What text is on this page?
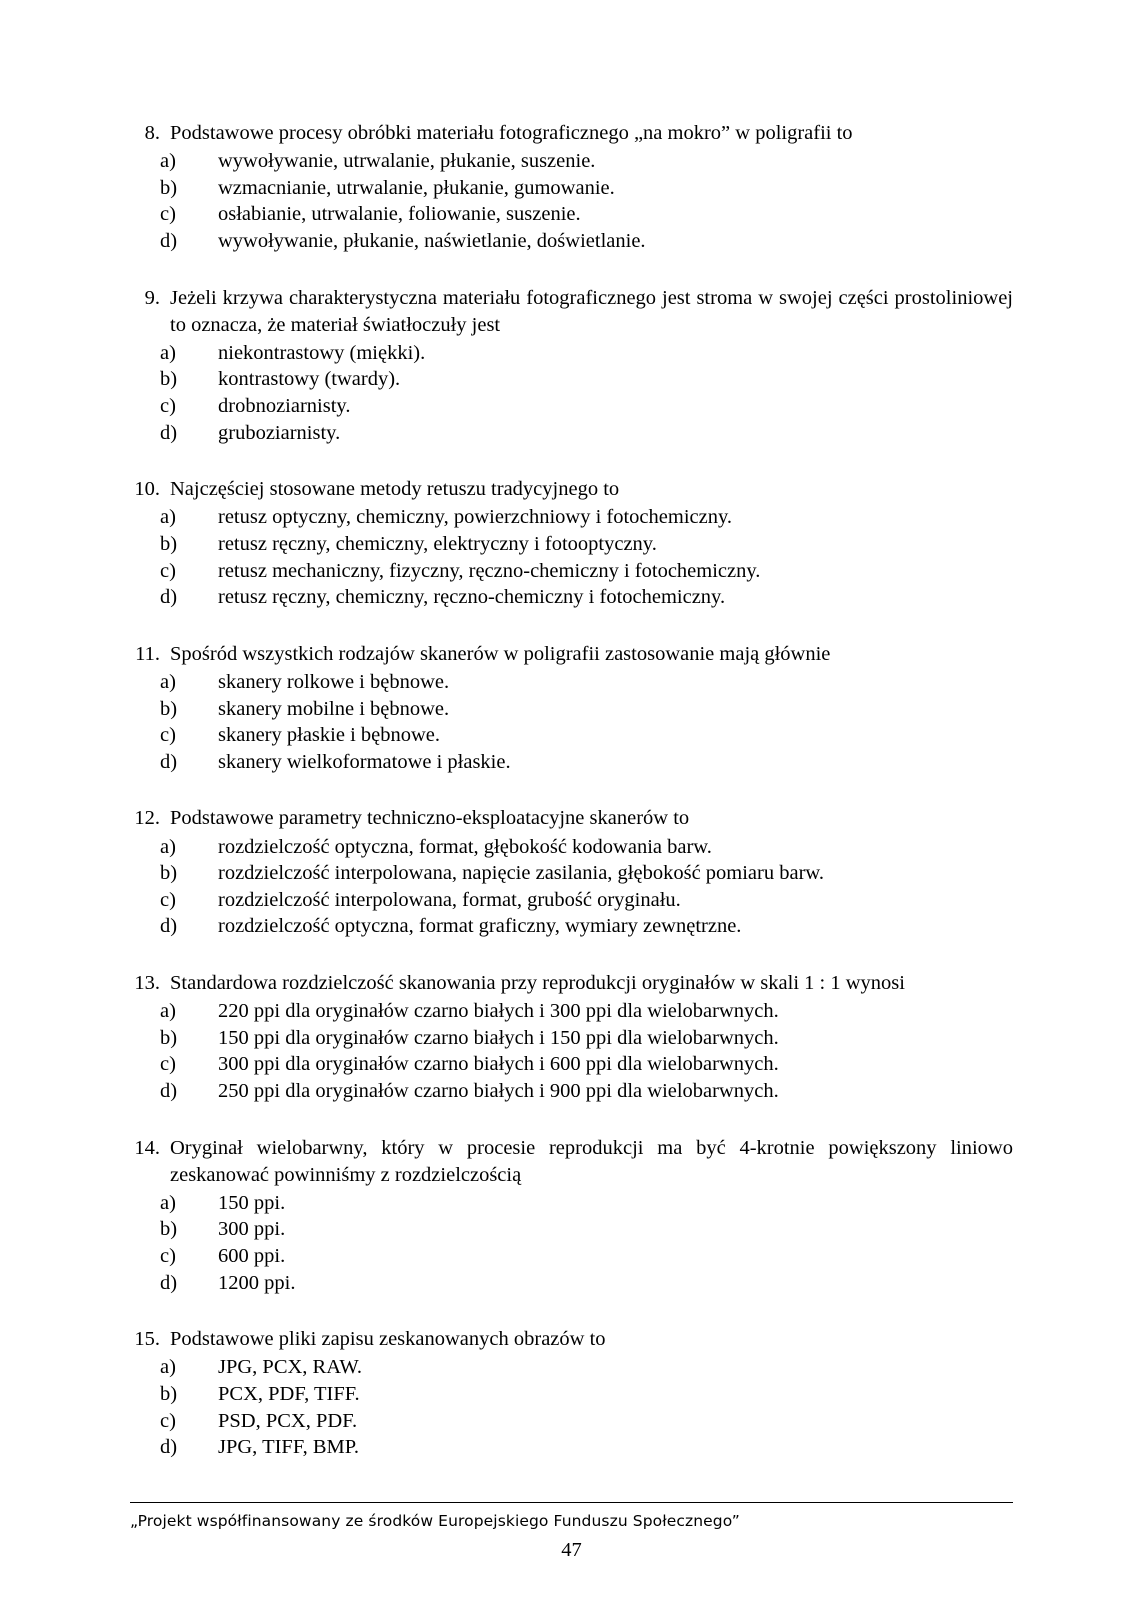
8. Podstawowe procesy obróbki materiału fotograficznego „na mokro” w poligrafii to
a)	wywoływanie, utrwalanie, płukanie, suszenie.
b)	wzmacnianie, utrwalanie, płukanie, gumowanie.
c)	osłabianie, utrwalanie, foliowanie, suszenie.
d)	wywoływanie, płukanie, naświetlanie, doświetlanie.
9. Jeżeli krzywa charakterystyczna materiału fotograficznego jest stroma w swojej części prostoliniowej to oznacza, że materiał światłoczuły jest
a)	niekontrastowy (miękki).
b)	kontrastowy (twardy).
c)	drobnoziarnisty.
d)	gruboziarnisty.
10. Najczęściej stosowane metody retuszu tradycyjnego to
a)	retusz optyczny, chemiczny, powierzchniowy i fotochemiczny.
b)	retusz ręczny, chemiczny, elektryczny i fotooptyczny.
c)	retusz mechaniczny, fizyczny, ręczno-chemiczny i fotochemiczny.
d)	retusz ręczny, chemiczny, ręczno-chemiczny i fotochemiczny.
11. Spośród wszystkich rodzajów skanerów w poligrafii zastosowanie mają głównie
a)	skanery rolkowe i bębnowe.
b)	skanery mobilne i bębnowe.
c)	skanery płaskie i bębnowe.
d)	skanery wielkoformatowe i płaskie.
12. Podstawowe parametry techniczno-eksploatacyjne skanerów to
a)	rozdzielczość optyczna, format, głębokość kodowania barw.
b)	rozdzielczość interpolowana, napięcie zasilania, głębokość pomiaru barw.
c)	rozdzielczość interpolowana, format, grubość oryginału.
d)	rozdzielczość optyczna, format graficzny, wymiary zewnętrzne.
13. Standardowa rozdzielczość skanowania przy reprodukcji oryginałów w skali 1 : 1 wynosi
a)	220 ppi dla oryginałów czarno białych i 300 ppi dla wielobarwnych.
b)	150 ppi dla oryginałów czarno białych i 150 ppi dla wielobarwnych.
c)	300 ppi dla oryginałów czarno białych i 600 ppi dla wielobarwnych.
d)	250 ppi dla oryginałów czarno białych i 900 ppi dla wielobarwnych.
14. Oryginał wielobarwny, który w procesie reprodukcji ma być 4-krotnie powiększony liniowo zeskanować powinniśmy z rozdzielczością
a)	150 ppi.
b)	300 ppi.
c)	600 ppi.
d)	1200 ppi.
15. Podstawowe pliki zapisu zeskanowanych obrazów to
a)	JPG, PCX, RAW.
b)	PCX, PDF, TIFF.
c)	PSD, PCX, PDF.
d)	JPG, TIFF, BMP.
„Projekt współfinansowany ze środków Europejskiego Funduszu Społecznego”
47
